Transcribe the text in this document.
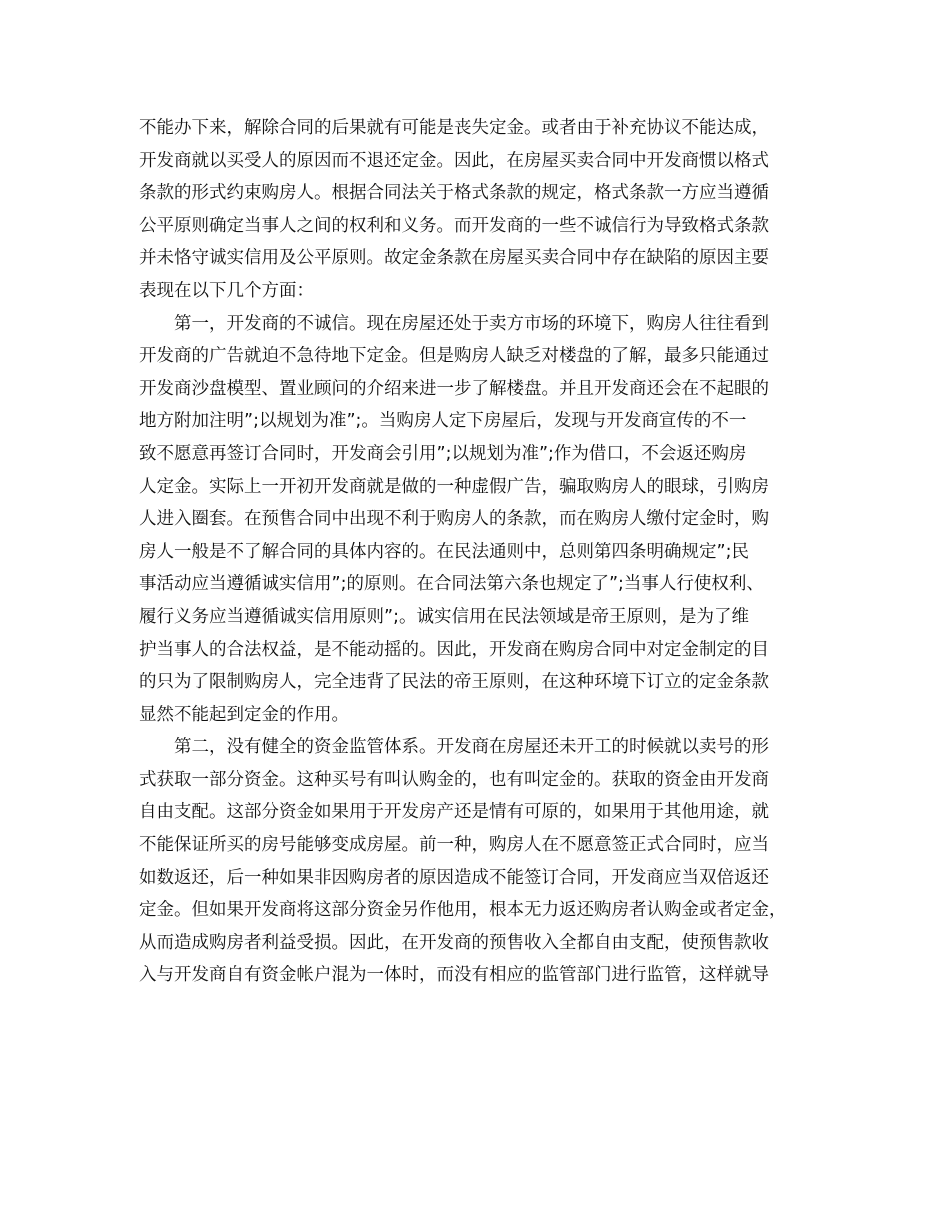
不能办下来，解除合同的后果就有可能是丧失定金。或者由于补充协议不能达成，
开发商就以买受人的原因而不退还定金。因此，在房屋买卖合同中开发商惯以格式
条款的形式约束购房人。根据合同法关于格式条款的规定，格式条款一方应当遵循
公平原则确定当事人之间的权利和义务。而开发商的一些不诚信行为导致格式条款
并未恪守诚实信用及公平原则。故定金条款在房屋买卖合同中存在缺陷的原因主要
表现在以下几个方面：
　　第一，开发商的不诚信。现在房屋还处于卖方市场的环境下，购房人往往看到
开发商的广告就迫不急待地下定金。但是购房人缺乏对楼盘的了解，最多只能通过
开发商沙盘模型、置业顾问的介绍来进一步了解楼盘。并且开发商还会在不起眼的
地方附加注明”;以规划为准”;。当购房人定下房屋后，发现与开发商宣传的不一
致不愿意再签订合同时，开发商会引用”;以规划为准”;作为借口，不会返还购房
人定金。实际上一开初开发商就是做的一种虚假广告，骗取购房人的眼球，引购房
人进入圈套。在预售合同中出现不利于购房人的条款，而在购房人缴付定金时，购
房人一般是不了解合同的具体内容的。在民法通则中，总则第四条明确规定”;民
事活动应当遵循诚实信用”;的原则。在合同法第六条也规定了”;当事人行使权利、
履行义务应当遵循诚实信用原则”;。诚实信用在民法领域是帝王原则，是为了维
护当事人的合法权益，是不能动摇的。因此，开发商在购房合同中对定金制定的目
的只为了限制购房人，完全违背了民法的帝王原则，在这种环境下订立的定金条款
显然不能起到定金的作用。
　　第二，没有健全的资金监管体系。开发商在房屋还未开工的时候就以卖号的形
式获取一部分资金。这种买号有叫认购金的，也有叫定金的。获取的资金由开发商
自由支配。这部分资金如果用于开发房产还是情有可原的，如果用于其他用途，就
不能保证所买的房号能够变成房屋。前一种，购房人在不愿意签正式合同时，应当
如数返还，后一种如果非因购房者的原因造成不能签订合同，开发商应当双倍返还
定金。但如果开发商将这部分资金另作他用，根本无力返还购房者认购金或者定金，
从而造成购房者利益受损。因此，在开发商的预售收入全都自由支配，使预售款收
入与开发商自有资金帐户混为一体时，而没有相应的监管部门进行监管，这样就导
